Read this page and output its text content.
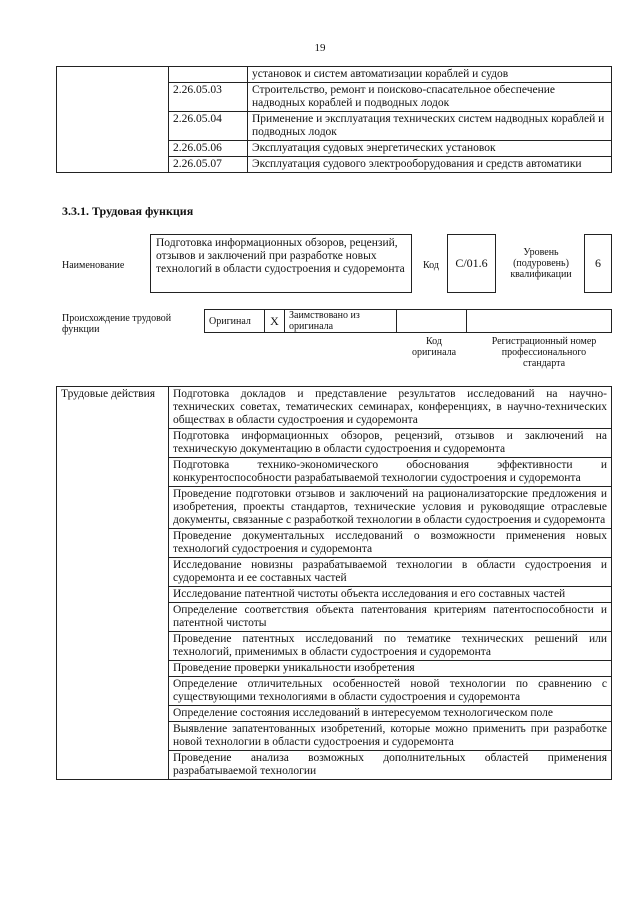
19
		установок и систем автоматизации кораблей и судов
	2.26.05.03	Строительство, ремонт и поисково-спасательное обеспечение надводных кораблей и подводных лодок
	2.26.05.04	Применение и эксплуатация технических систем надводных кораблей и подводных лодок
	2.26.05.06	Эксплуатация судовых энергетических установок
	2.26.05.07	Эксплуатация судового электрооборудования и средств автоматики
3.3.1. Трудовая функция
Наименование
Подготовка информационных обзоров, рецензий, отзывов и заключений при разработке новых технологий в области судостроения и судоремонта	Код	С/01.6
Уровень (подуровень) квалификации
6
Происхождение трудовой функции
Оригинал	X	Заимствовано из оригинала
Код оригинала
Регистрационный номер профессионального стандарта
Трудовые действия	Подготовка докладов и представление результатов исследований на научно-технических советах, тематических семинарах, конференциях, в научно-технических обществах в области судостроения и судоремонта
Подготовка информационных обзоров, рецензий, отзывов и заключений на техническую документацию в области судостроения и судоремонта
Подготовка технико-экономического обоснования эффективности и конкурентоспособности разрабатываемой технологии судостроения и судоремонта
Проведение подготовки отзывов и заключений на рационализаторские предложения и изобретения, проекты стандартов, технические условия и руководящие отраслевые документы, связанные с разработкой технологии в области судостроения и судоремонта
Проведение документальных исследований о возможности применения новых технологий судостроения и судоремонта
Исследование новизны разрабатываемой технологии в области судостроения и судоремонта и ее составных частей
Исследование патентной чистоты объекта исследования и его составных частей
Определение соответствия объекта патентования критериям патентоспособности и патентной чистоты
Проведение патентных исследований по тематике технических решений или технологий, применимых в области судостроения и судоремонта
Проведение проверки уникальности изобретения
Определение отличительных особенностей новой технологии по сравнению с существующими технологиями в области судостроения и судоремонта
Определение состояния исследований в интересуемом технологическом поле
Выявление запатентованных изобретений, которые можно применить при разработке новой технологии в области судостроения и судоремонта
Проведение анализа возможных дополнительных областей применения разрабатываемой технологии
